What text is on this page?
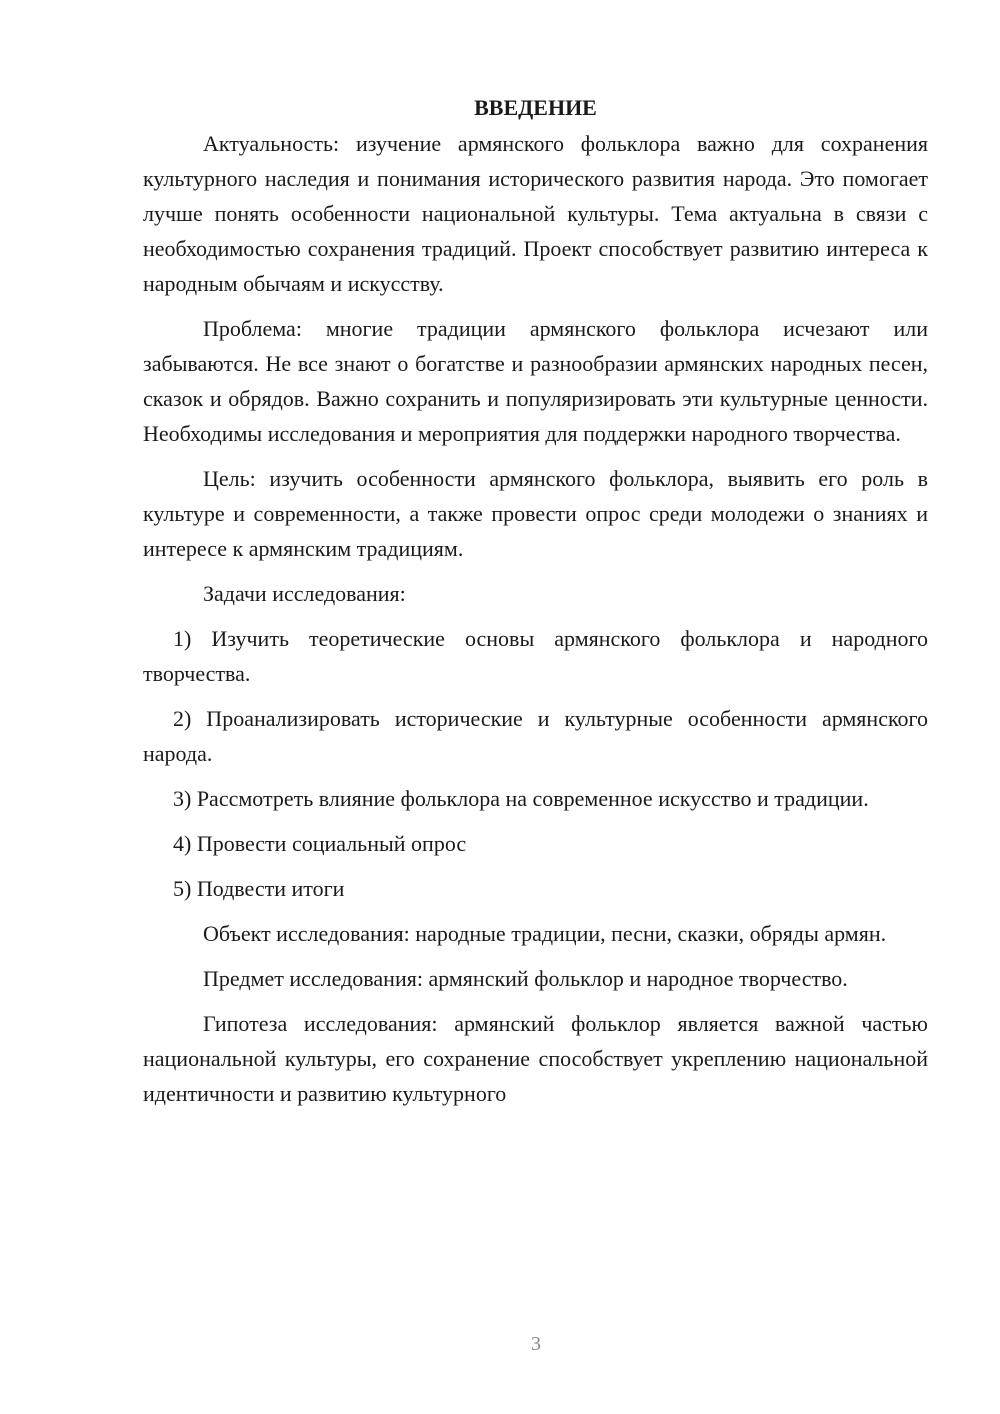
ВВЕДЕНИЕ

Актуальность: изучение армянского фольклора важно для сохранения культурного наследия и понимания исторического развития народа. Это помогает лучше понять особенности национальной культуры. Тема актуальна в связи с необходимостью сохранения традиций. Проект способствует развитию интереса к народным обычаям и искусству.

Проблема: многие традиции армянского фольклора исчезают или забываются. Не все знают о богатстве и разнообразии армянских народных песен, сказок и обрядов. Важно сохранить и популяризировать эти культурные ценности. Необходимы исследования и мероприятия для поддержки народного творчества.

Цель: изучить особенности армянского фольклора, выявить его роль в культуре и современности, а также провести опрос среди молодежи о знаниях и интересе к армянским традициям.

Задачи исследования:

1) Изучить теоретические основы армянского фольклора и народного творчества.

2) Проанализировать исторические и культурные особенности армянского народа.

3) Рассмотреть влияние фольклора на современное искусство и традиции.

4) Провести социальный опрос

5) Подвести итоги

Объект исследования: народные традиции, песни, сказки, обряды армян.

Предмет исследования: армянский фольклор и народное творчество.

Гипотеза исследования: армянский фольклор является важной частью национальной культуры, его сохранение способствует укреплению национальной идентичности и развитию культурного

3
